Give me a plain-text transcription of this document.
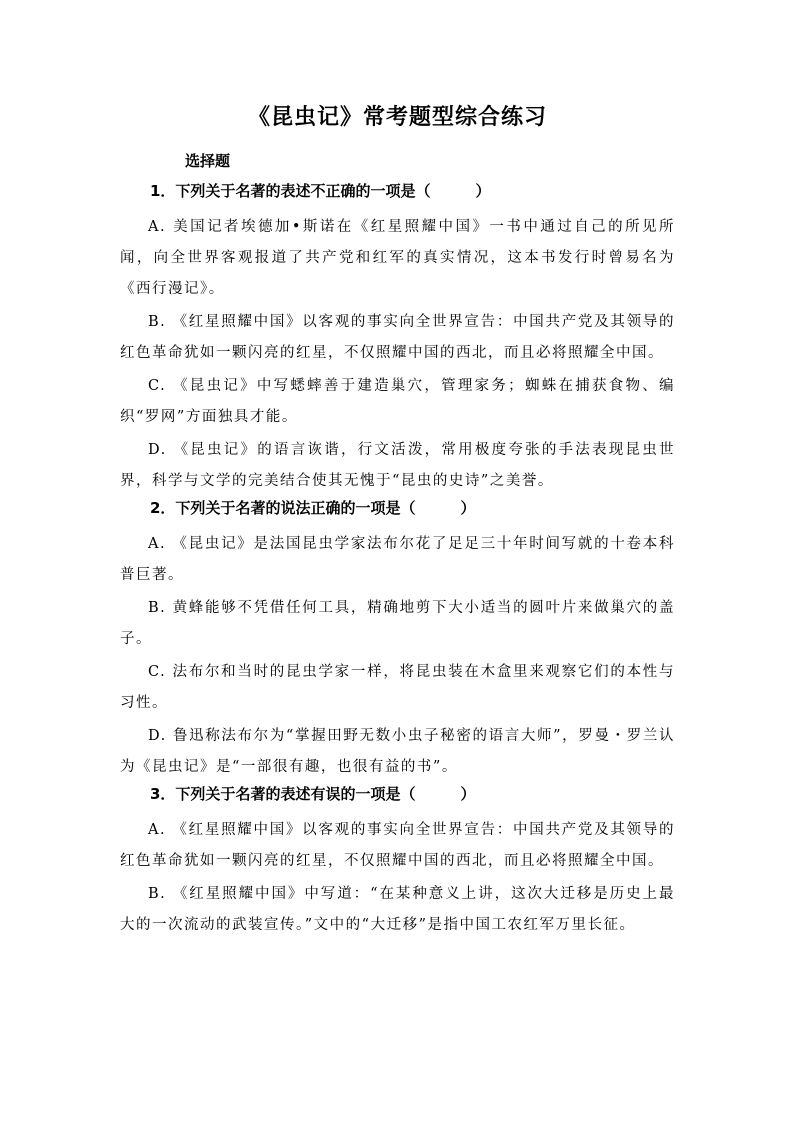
《昆虫记》常考题型综合练习
选择题
1．下列关于名著的表述不正确的一项是（　　　）
A. 美国记者埃德加•斯诺在《红星照耀中国》一书中通过自己的所见所闻，向全世界客观报道了共产党和红军的真实情况，这本书发行时曾易名为《西行漫记》。
B. 《红星照耀中国》以客观的事实向全世界宣告：中国共产党及其领导的红色革命犹如一颗闪亮的红星，不仅照耀中国的西北，而且必将照耀全中国。
C. 《昆虫记》中写蟋蟀善于建造巢穴，管理家务；蜘蛛在捕获食物、编织“罗网”方面独具才能。
D. 《昆虫记》的语言诙谐，行文活泼，常用极度夸张的手法表现昆虫世界，科学与文学的完美结合使其无愧于“昆虫的史诗”之美誉。
2．下列关于名著的说法正确的一项是（　　　）
A. 《昆虫记》是法国昆虫学家法布尔花了足足三十年时间写就的十卷本科普巨著。
B. 黄蜂能够不凭借任何工具，精确地剪下大小适当的圆叶片来做巢穴的盖子。
C. 法布尔和当时的昆虫学家一样，将昆虫装在木盒里来观察它们的本性与习性。
D. 鲁迅称法布尔为“掌握田野无数小虫子秘密的语言大师”，罗曼・罗兰认为《昆虫记》是“一部很有趣，也很有益的书”。
3．下列关于名著的表述有误的一项是（　　　）
A. 《红星照耀中国》以客观的事实向全世界宣告：中国共产党及其领导的红色革命犹如一颗闪亮的红星，不仅照耀中国的西北，而且必将照耀全中国。
B. 《红星照耀中国》中写道：“在某种意义上讲，这次大迁移是历史上最大的一次流动的武装宣传。”文中的“大迁移”是指中国工农红军万里长征。
